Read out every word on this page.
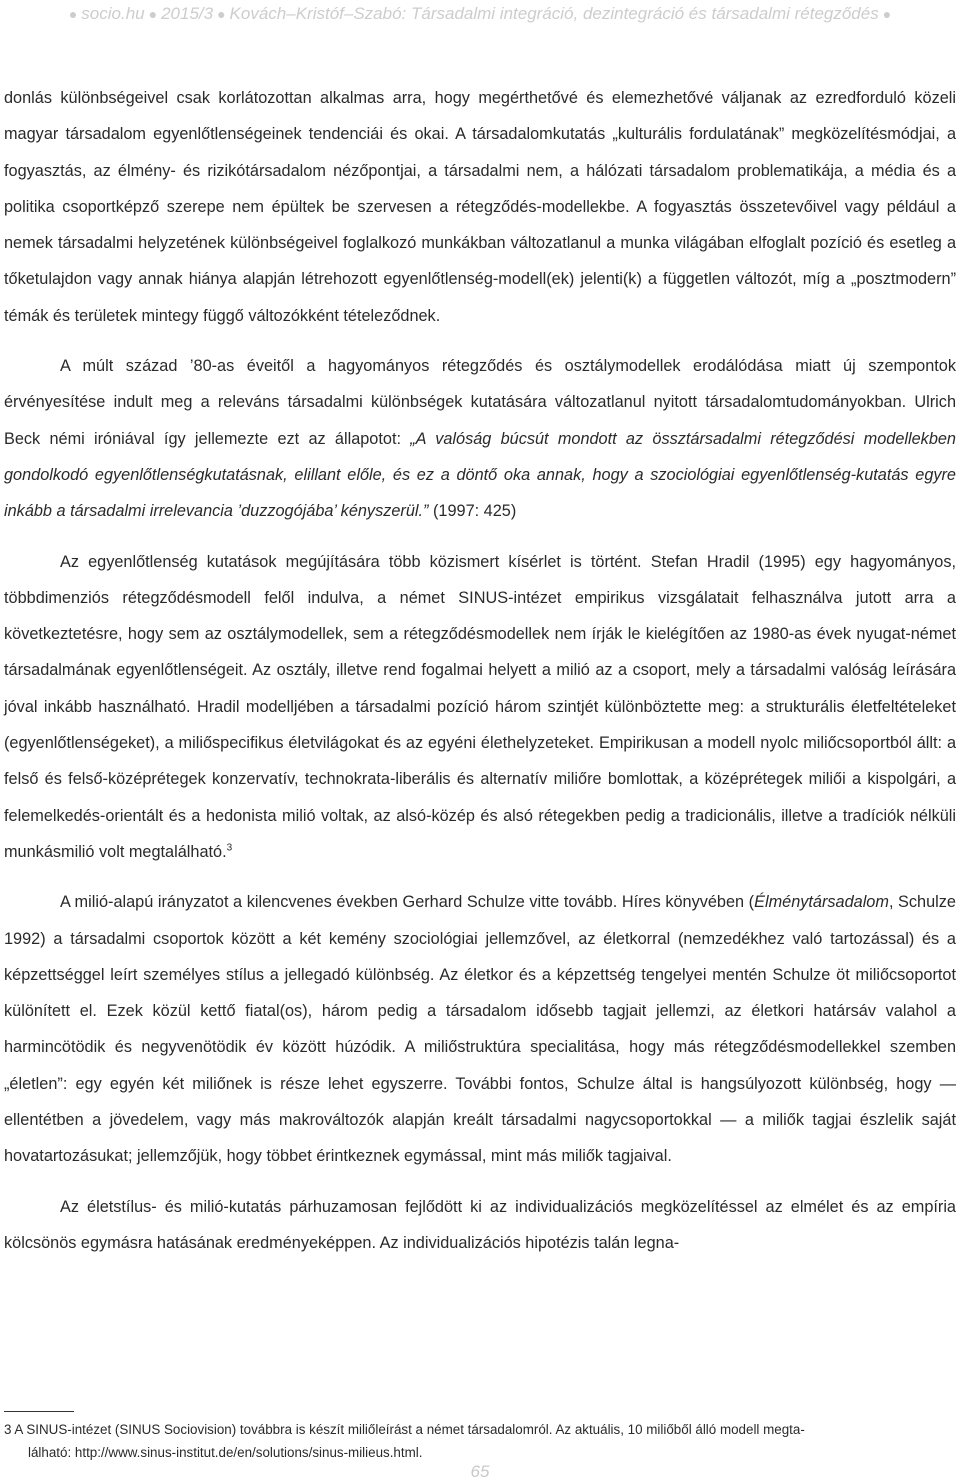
● socio.hu ● 2015/3 ● Kovách–Kristóf–Szabó: Társadalmi integráció, dezintegráció és társadalmi rétegződés ●

donlás különbségeivel csak korlátozottan alkalmas arra, hogy megérthetővé és elemezhetővé váljanak az ezredforduló közeli magyar társadalom egyenlőtlenségeinek tendenciái és okai. A társadalomkutatás „kulturális fordulatának” megközelítésmódjai, a fogyasztás, az élmény- és rizikótársadalom nézőpontjai, a társadalmi nem, a hálózati társadalom problematikája, a média és a politika csoportképző szerepe nem épültek be szervesen a rétegződés-modellekbe. A fogyasztás összetevőivel vagy például a nemek társadalmi helyzetének különbségeivel foglalkozó munkákban változatlanul a munka világában elfoglalt pozíció és esetleg a tőketulajdon vagy annak hiánya alapján létrehozott egyenlőtlenség-modell(ek) jelenti(k) a független változót, míg a „posztmodern” témák és területek mintegy függő változókként tételeződnek.

A múlt század ’80-as éveitől a hagyományos rétegződés és osztálymodellek erodálódása miatt új szempontok érvényesítése indult meg a releváns társadalmi különbségek kutatására változatlanul nyitott társadalomtudományokban. Ulrich Beck némi iróniával így jellemezte ezt az állapotot: „A valóság búcsút mondott az össztársadalmi rétegződési modellekben gondolkodó egyenlőtlenségkutatásnak, elillant előle, és ez a döntő oka annak, hogy a szociológiai egyenlőtlenség-kutatás egyre inkább a társadalmi irrelevancia ’duzzogójába’ kényszerül.” (1997: 425)

Az egyenlőtlenség kutatások megújítására több közismert kísérlet is történt. Stefan Hradil (1995) egy hagyományos, többdimenziós rétegződésmodell felől indulva, a német SINUS-intézet empirikus vizsgálatait felhasználva jutott arra a következtetésre, hogy sem az osztálymodellek, sem a rétegződésmodellek nem írják le kielégítően az 1980-as évek nyugat-német társadalmának egyenlőtlenségeit. Az osztály, illetve rend fogalmai helyett a milió az a csoport, mely a társadalmi valóság leírására jóval inkább használható. Hradil modelljében a társadalmi pozíció három szintjét különböztette meg: a strukturális életfeltételeket (egyenlőtlenségeket), a miliőspecifikus életvilágokat és az egyéni élethelyzeteket. Empirikusan a modell nyolc miliőcsoportból állt: a felső és felső-középrétegek konzervatív, technokrata-liberális és alternatív miliőre bomlottak, a középrétegek miliői a kispolgári, a felemelkedés-orientált és a hedonista milió voltak, az alsó-közép és alsó rétegekben pedig a tradicionális, illetve a tradíciók nélküli munkásmilió volt megtalálható.$^3$

A milió-alapú irányzatot a kilencvenes években Gerhard Schulze vitte tovább. Híres könyvében (Élménytársadalom, Schulze 1992) a társadalmi csoportok között a két kemény szociológiai jellemzővel, az életkorral (nemzedékhez való tartozással) és a képzettséggel leírt személyes stílus a jellegadó különbség. Az életkor és a képzettség tengelyei mentén Schulze öt miliőcsoportot különített el. Ezek közül kettő fiatal(os), három pedig a társadalom idősebb tagjait jellemzi, az életkori határsáv valahol a harmincötödik és negyvenötödik év között húzódik. A miliőstruktúra specialitása, hogy más rétegződésmodellekkel szemben „életlen”: egy egyén két miliőnek is része lehet egyszerre. További fontos, Schulze által is hangsúlyozott különbség, hogy — ellentétben a jövedelem, vagy más makrováltozók alapján kreált társadalmi nagycsoportokkal — a miliők tagjai észlelik saját hovatartozásukat; jellemzőjük, hogy többet érintkeznek egymással, mint más miliők tagjaival.

Az életstílus- és milió-kutatás párhuzamosan fejlődött ki az individualizációs megközelítéssel az elmélet és az empíria kölcsönös egymásra hatásának eredményeképpen. Az individualizációs hipotézis talán legna-

3 A SINUS-intézet (SINUS Sociovision) továbbra is készít miliőleírást a német társadalomról. Az aktuális, 10 miliőből álló modell megta-
lálható: http://www.sinus-institut.de/en/solutions/sinus-milieus.html.
65
